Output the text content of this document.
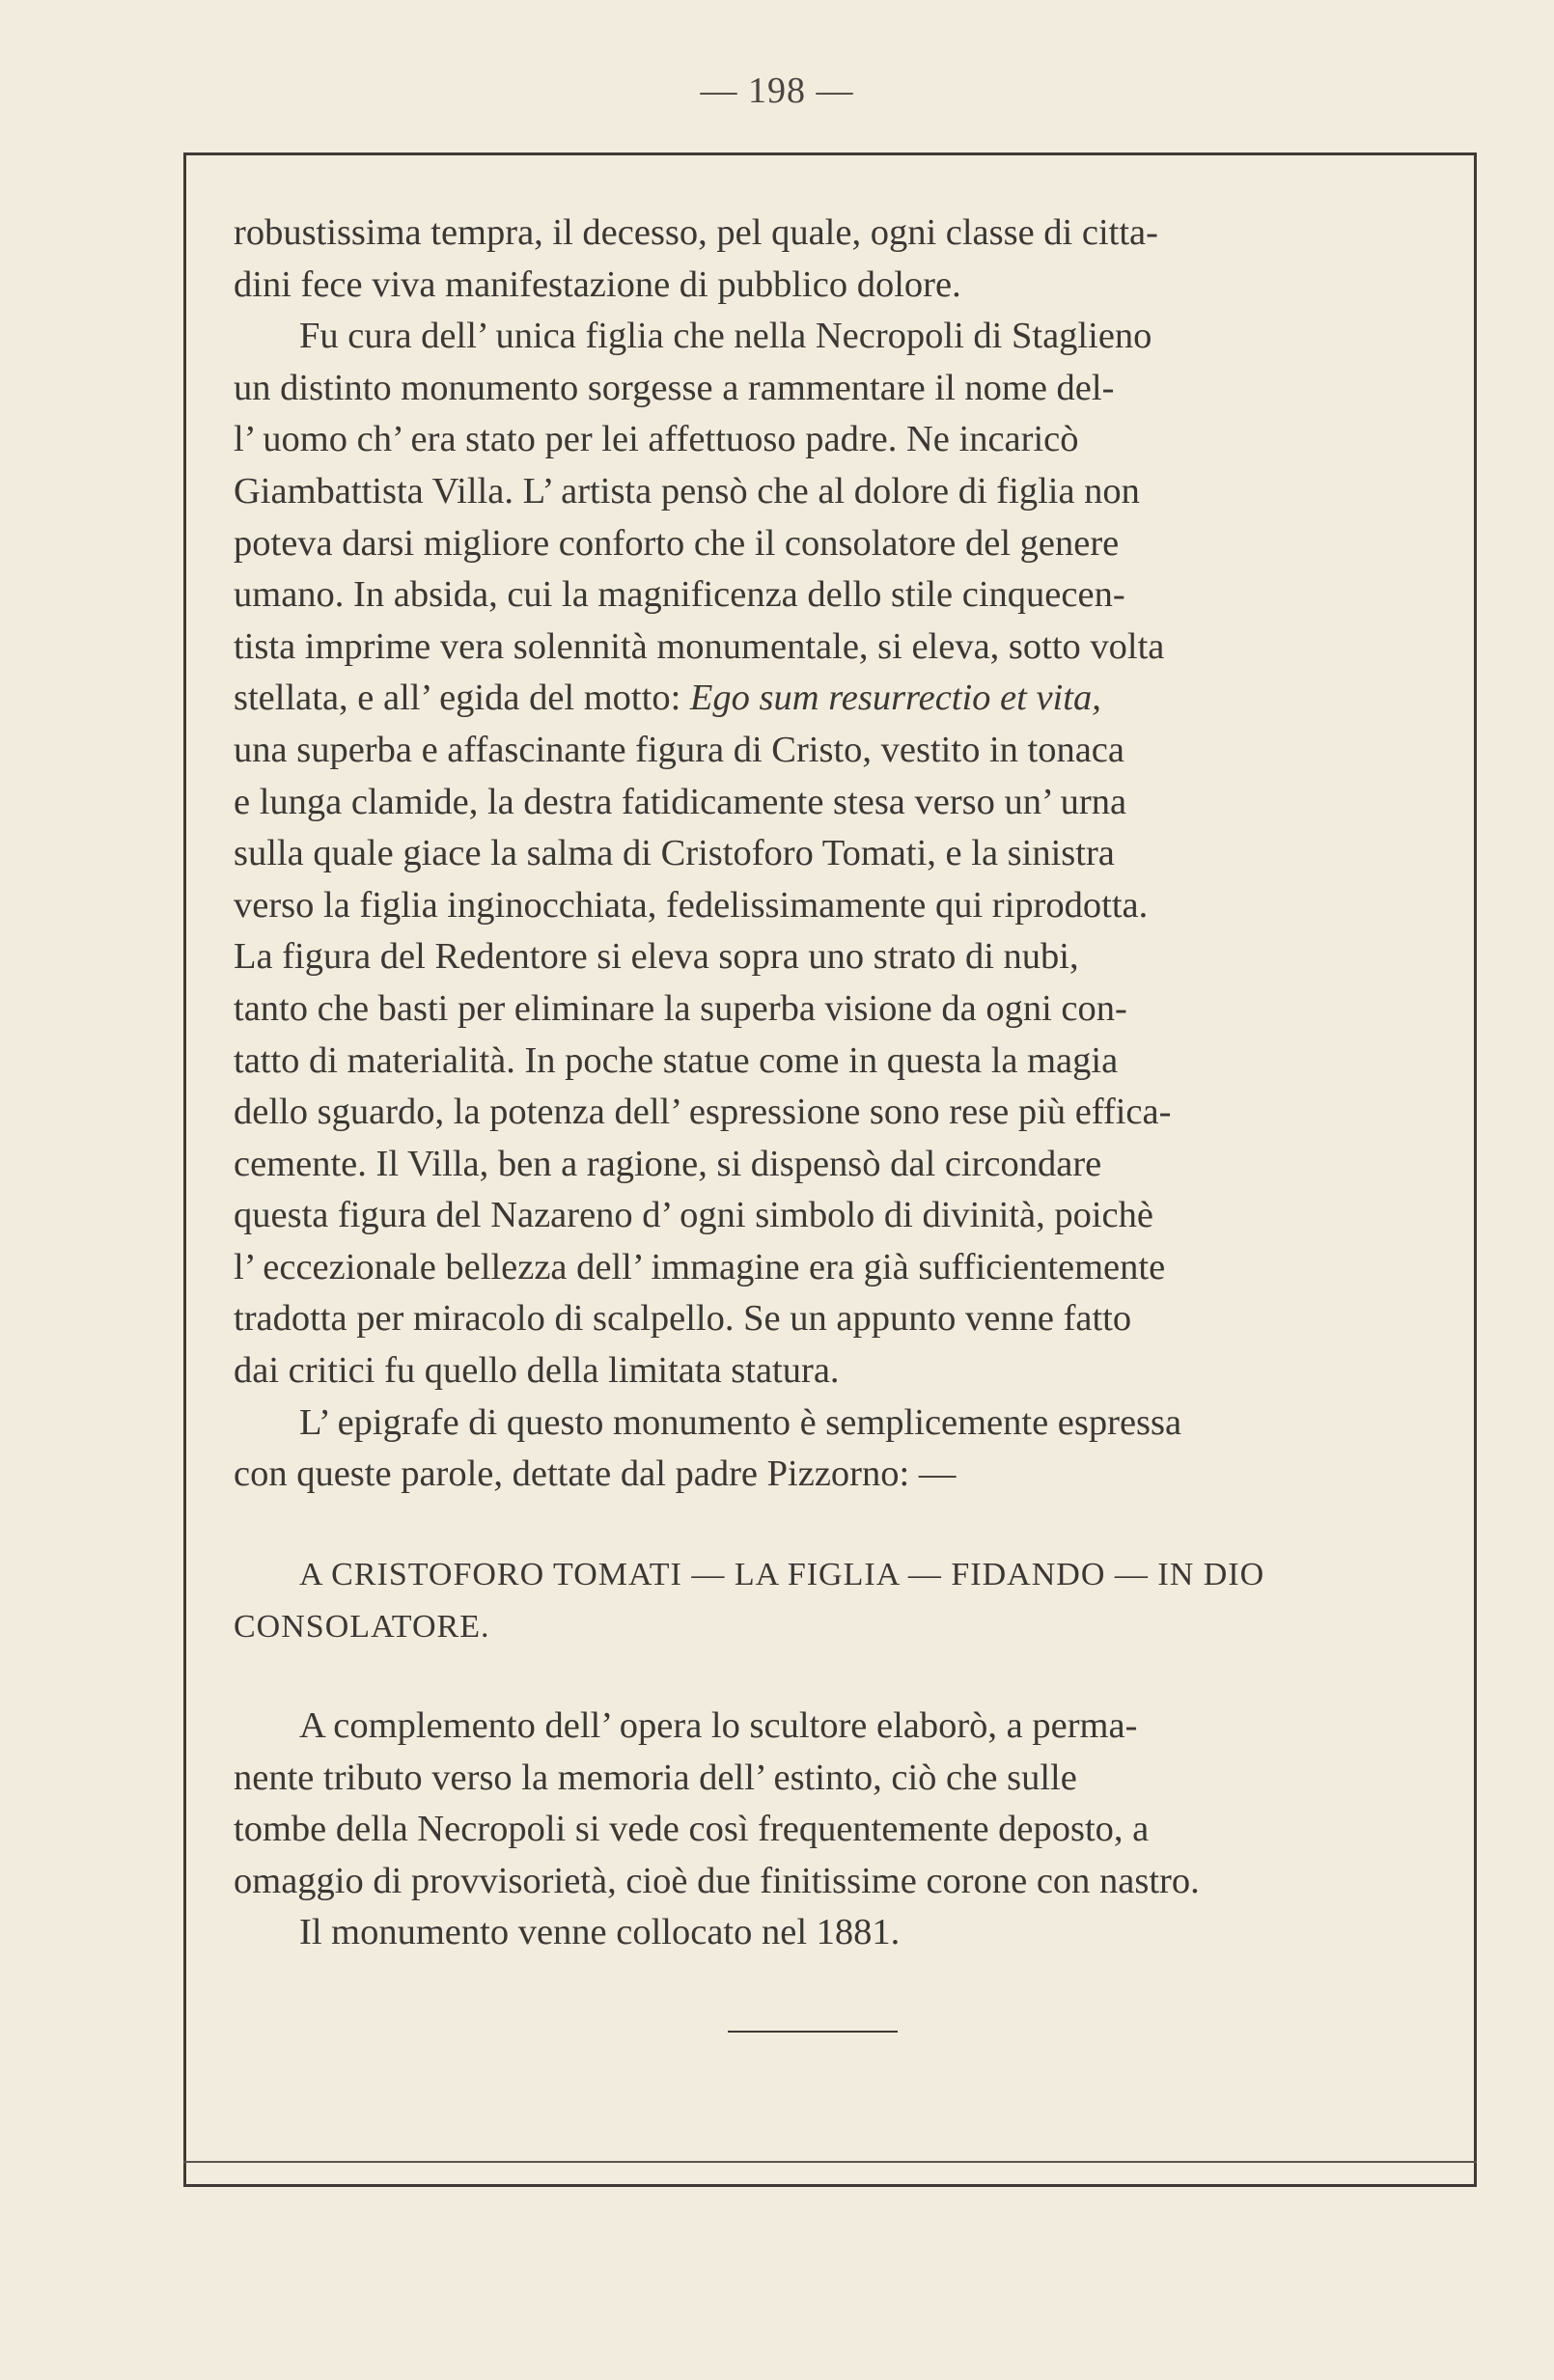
— 198 —

robustissima tempra, il decesso, pel quale, ogni classe di citta-
dini fece viva manifestazione di pubblico dolore.

Fu cura dell’ unica figlia che nella Necropoli di Staglieno
un distinto monumento sorgesse a rammentare il nome del-
l’ uomo ch’ era stato per lei affettuoso padre. Ne incaricò
Giambattista Villa. L’ artista pensò che al dolore di figlia non
poteva darsi migliore conforto che il consolatore del genere
umano. In absida, cui la magnificenza dello stile cinquecen-
tista imprime vera solennità monumentale, si eleva, sotto volta
stellata, e all’ egida del motto: Ego sum resurrectio et vita,
una superba e affascinante figura di Cristo, vestito in tonaca
e lunga clamide, la destra fatidicamente stesa verso un’ urna
sulla quale giace la salma di Cristoforo Tomati, e la sinistra
verso la figlia inginocchiata, fedelissimamente qui riprodotta.
La figura del Redentore si eleva sopra uno strato di nubi,
tanto che basti per eliminare la superba visione da ogni con-
tatto di materialità. In poche statue come in questa la magia
dello sguardo, la potenza dell’ espressione sono rese più effica-
cemente. Il Villa, ben a ragione, si dispensò dal circondare
questa figura del Nazareno d’ ogni simbolo di divinità, poichè
l’ eccezionale bellezza dell’ immagine era già sufficientemente
tradotta per miracolo di scalpello. Se un appunto venne fatto
dai critici fu quello della limitata statura.

L’ epigrafe di questo monumento è semplicemente espressa
con queste parole, dettate dal padre Pizzorno: —

A CRISTOFORO TOMATI — LA FIGLIA — FIDANDO — IN DIO
CONSOLATORE.

A complemento dell’ opera lo scultore elaborò, a perma-
nente tributo verso la memoria dell’ estinto, ciò che sulle
tombe della Necropoli si vede così frequentemente deposto, a
omaggio di provvisorietà, cioè due finitissime corone con nastro.

Il monumento venne collocato nel 1881.
